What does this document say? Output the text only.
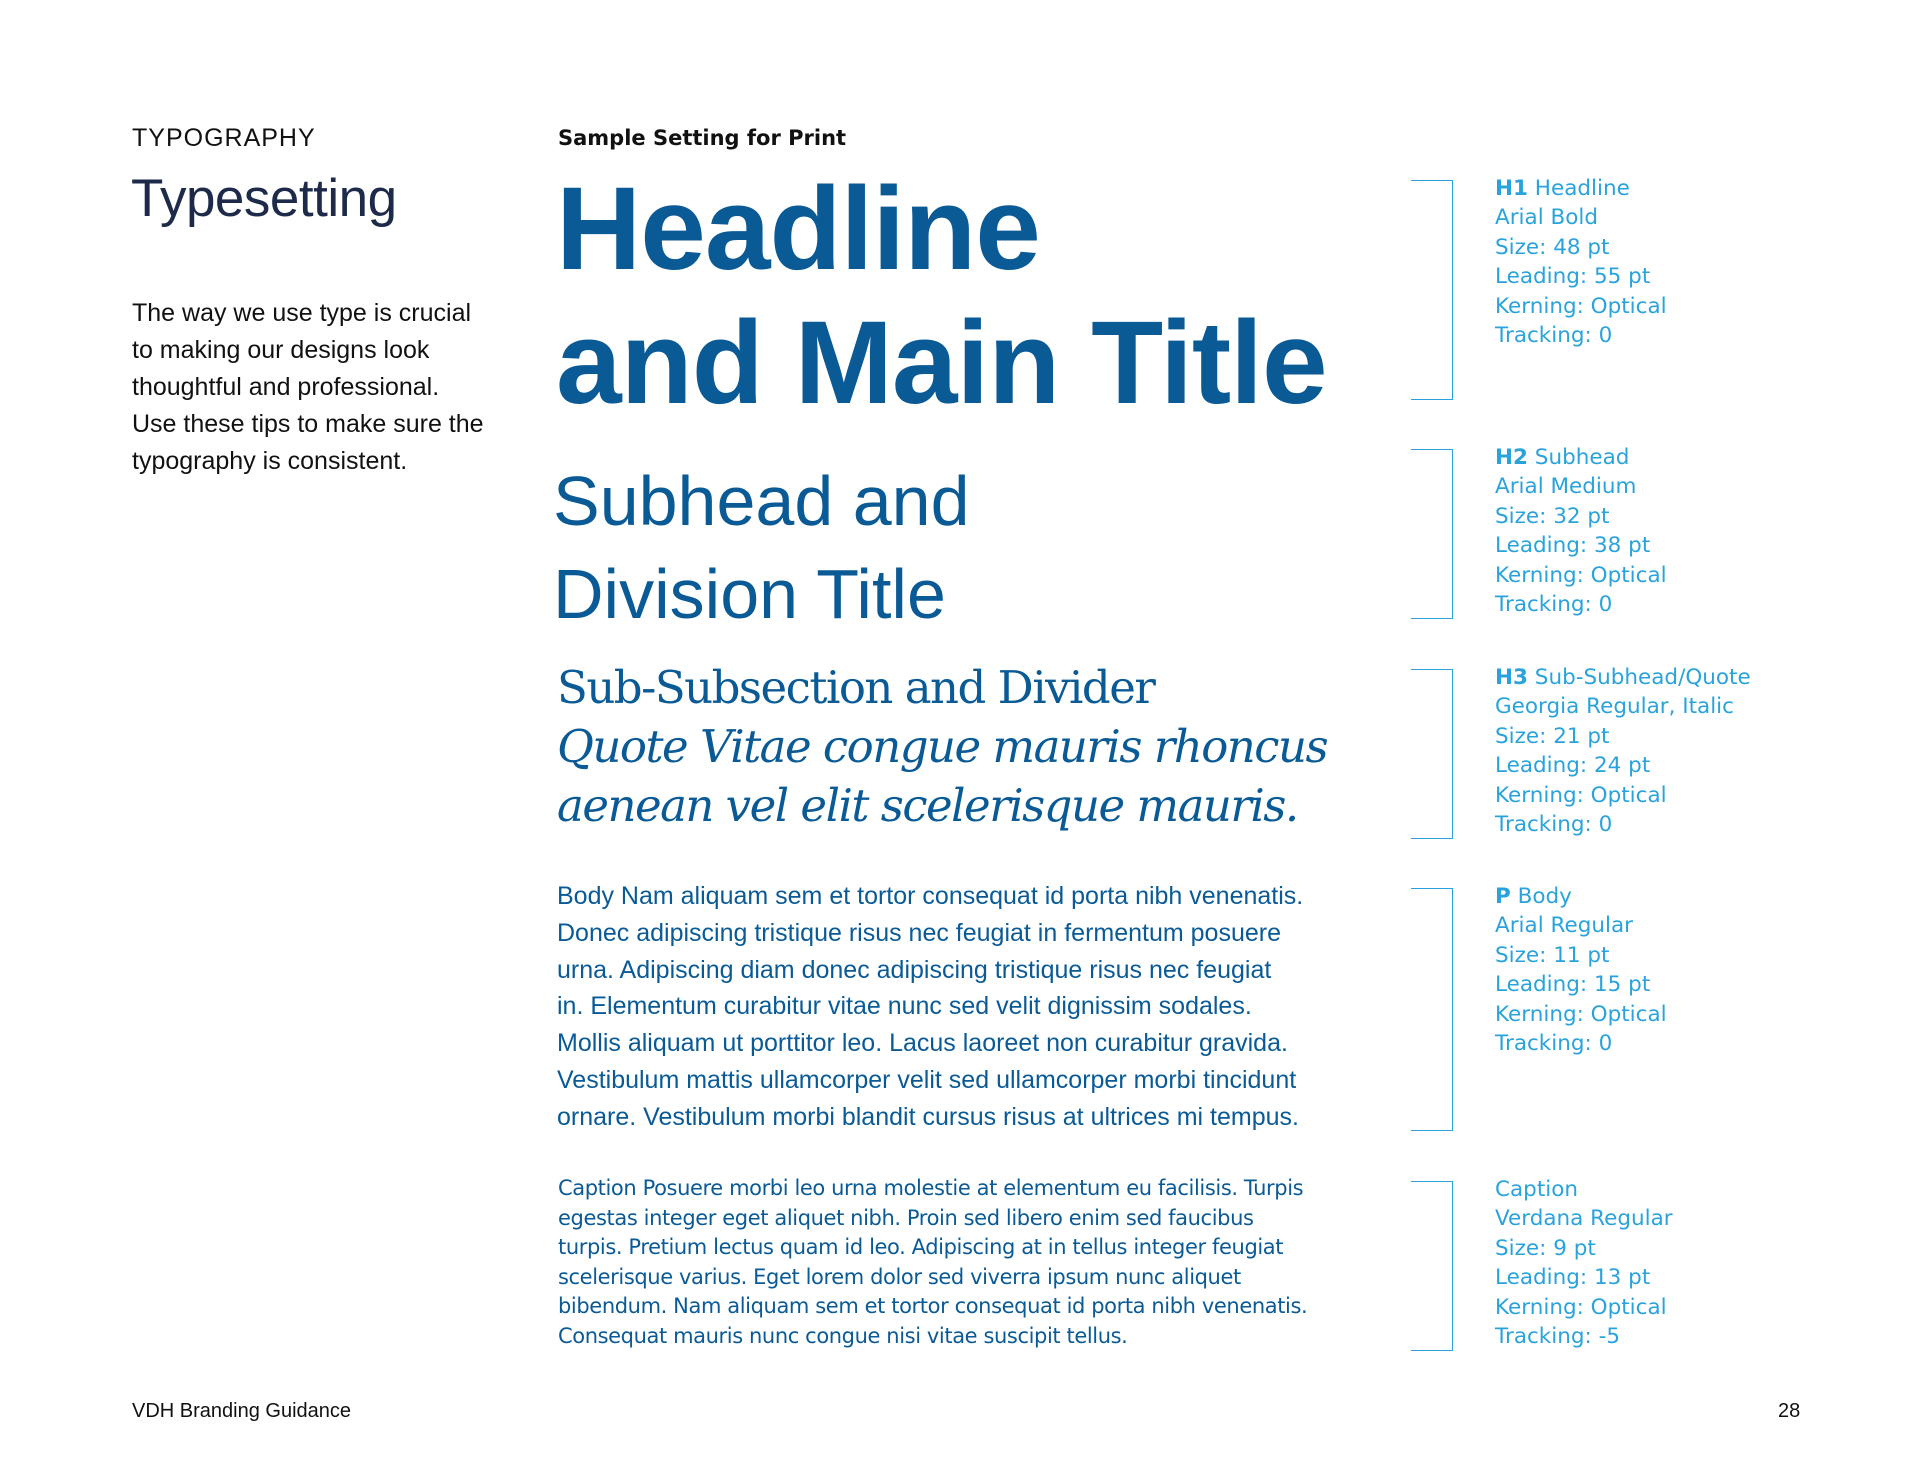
TYPOGRAPHY
Typesetting
The way we use type is crucial
to making our designs look
thoughtful and professional.
Use these tips to make sure the
typography is consistent.
Sample Setting for Print
Headline
and Main Title
Subhead and
Division Title
Sub-Subsection and Divider
Quote Vitae congue mauris rhoncus
aenean vel elit scelerisque mauris.
Body Nam aliquam sem et tortor consequat id porta nibh venenatis.
Donec adipiscing tristique risus nec feugiat in fermentum posuere
urna. Adipiscing diam donec adipiscing tristique risus nec feugiat
in. Elementum curabitur vitae nunc sed velit dignissim sodales.
Mollis aliquam ut porttitor leo. Lacus laoreet non curabitur gravida.
Vestibulum mattis ullamcorper velit sed ullamcorper morbi tincidunt
ornare. Vestibulum morbi blandit cursus risus at ultrices mi tempus.
Caption Posuere morbi leo urna molestie at elementum eu facilisis. Turpis
egestas integer eget aliquet nibh. Proin sed libero enim sed faucibus
turpis. Pretium lectus quam id leo. Adipiscing at in tellus integer feugiat
scelerisque varius. Eget lorem dolor sed viverra ipsum nunc aliquet
bibendum. Nam aliquam sem et tortor consequat id porta nibh venenatis.
Consequat mauris nunc congue nisi vitae suscipit tellus.
H1 Headline
Arial Bold
Size: 48 pt
Leading: 55 pt
Kerning: Optical
Tracking: 0
H2 Subhead
Arial Medium
Size: 32 pt
Leading: 38 pt
Kerning: Optical
Tracking: 0
H3 Sub-Subhead/Quote
Georgia Regular, Italic
Size: 21 pt
Leading: 24 pt
Kerning: Optical
Tracking: 0
P Body
Arial Regular
Size: 11 pt
Leading: 15 pt
Kerning: Optical
Tracking: 0
Caption
Verdana Regular
Size: 9 pt
Leading: 13 pt
Kerning: Optical
Tracking: -5
VDH Branding Guidance	28
